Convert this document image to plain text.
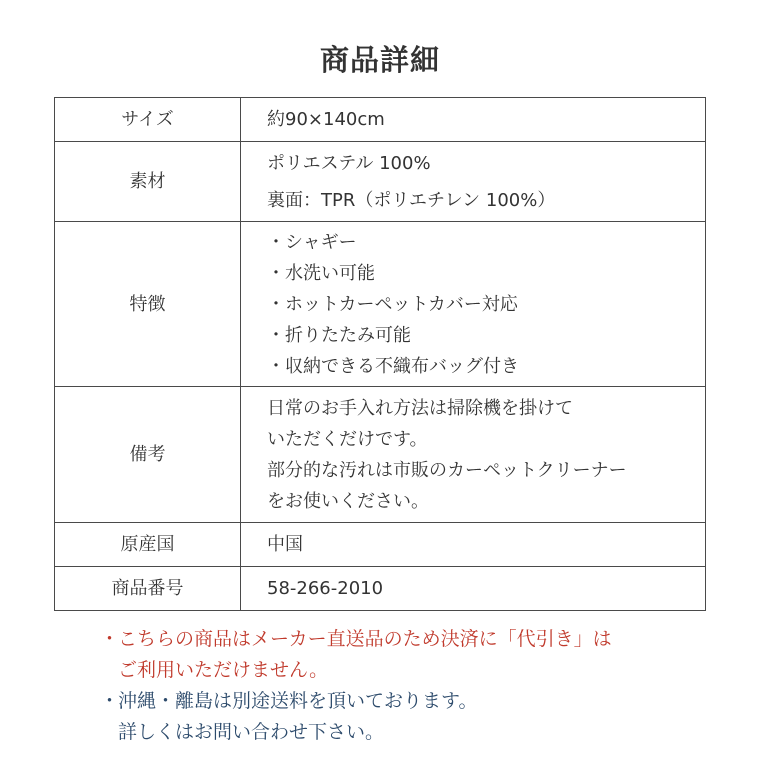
商品詳細
サイズ	約90×140cm

素材	ポリエステル 100%
裏面：TPR（ポリエチレン 100%）

特徴	・シャギー
・水洗い可能
・ホットカーペットカバー対応
・折りたたみ可能
・収納できる不織布バッグ付き

備考	日常のお手入れ方法は掃除機を掛けて
いただくだけです。
部分的な汚れは市販のカーペットクリーナー
をお使いください。

原産国	中国

商品番号	58-266-2010
・
こちらの商品はメーカー直送品のため決済に「代引き」は
ご利用いただけません。
・
沖縄・離島は別途送料を頂いております。
詳しくはお問い合わせ下さい。
